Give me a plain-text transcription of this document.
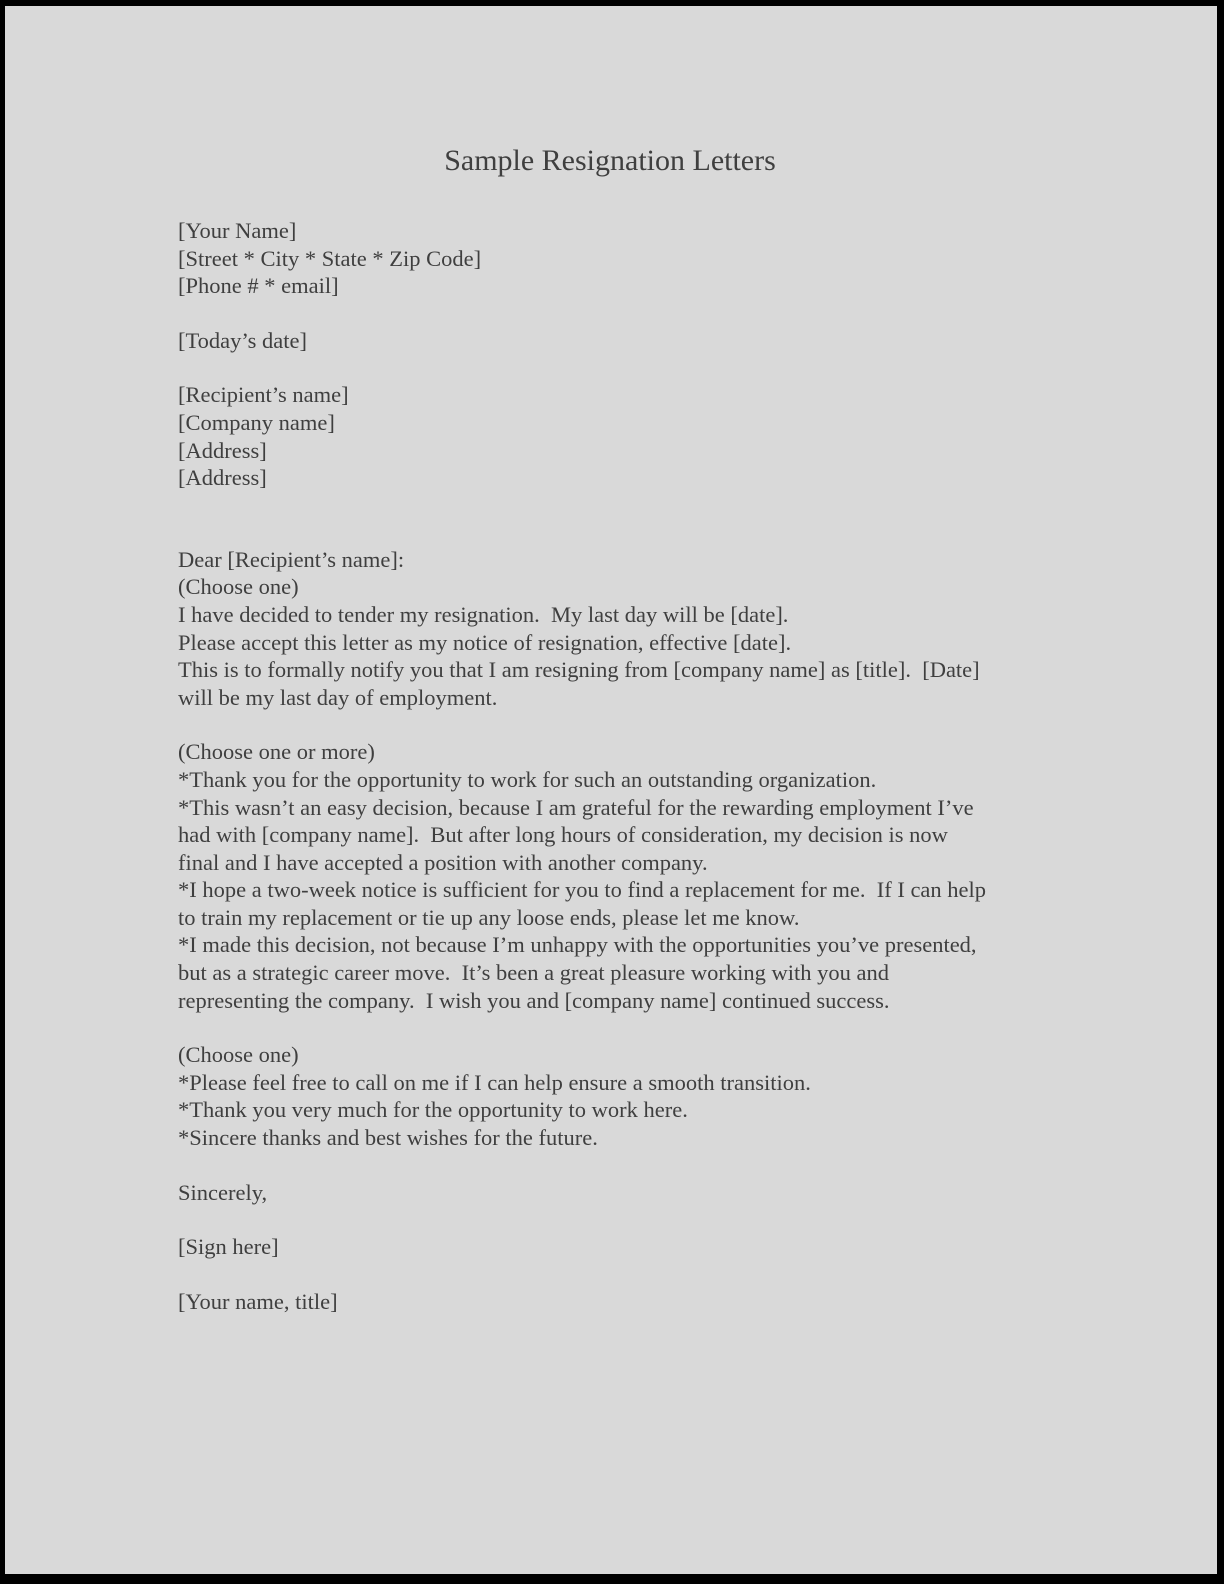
Sample Resignation Letters
[Your Name]
[Street * City * State * Zip Code]
[Phone # * email]
[Today’s date]
[Recipient’s name]
[Company name]
[Address]
[Address]
Dear [Recipient’s name]:
(Choose one)
I have decided to tender my resignation.  My last day will be [date].
Please accept this letter as my notice of resignation, effective [date].
This is to formally notify you that I am resigning from [company name] as [title].  [Date]
will be my last day of employment.
(Choose one or more)
*Thank you for the opportunity to work for such an outstanding organization.
*This wasn’t an easy decision, because I am grateful for the rewarding employment I’ve
had with [company name].  But after long hours of consideration, my decision is now
final and I have accepted a position with another company.
*I hope a two-week notice is sufficient for you to find a replacement for me.  If I can help
to train my replacement or tie up any loose ends, please let me know.
*I made this decision, not because I’m unhappy with the opportunities you’ve presented,
but as a strategic career move.  It’s been a great pleasure working with you and
representing the company.  I wish you and [company name] continued success.
(Choose one)
*Please feel free to call on me if I can help ensure a smooth transition.
*Thank you very much for the opportunity to work here.
*Sincere thanks and best wishes for the future.
Sincerely,
[Sign here]
[Your name, title]
